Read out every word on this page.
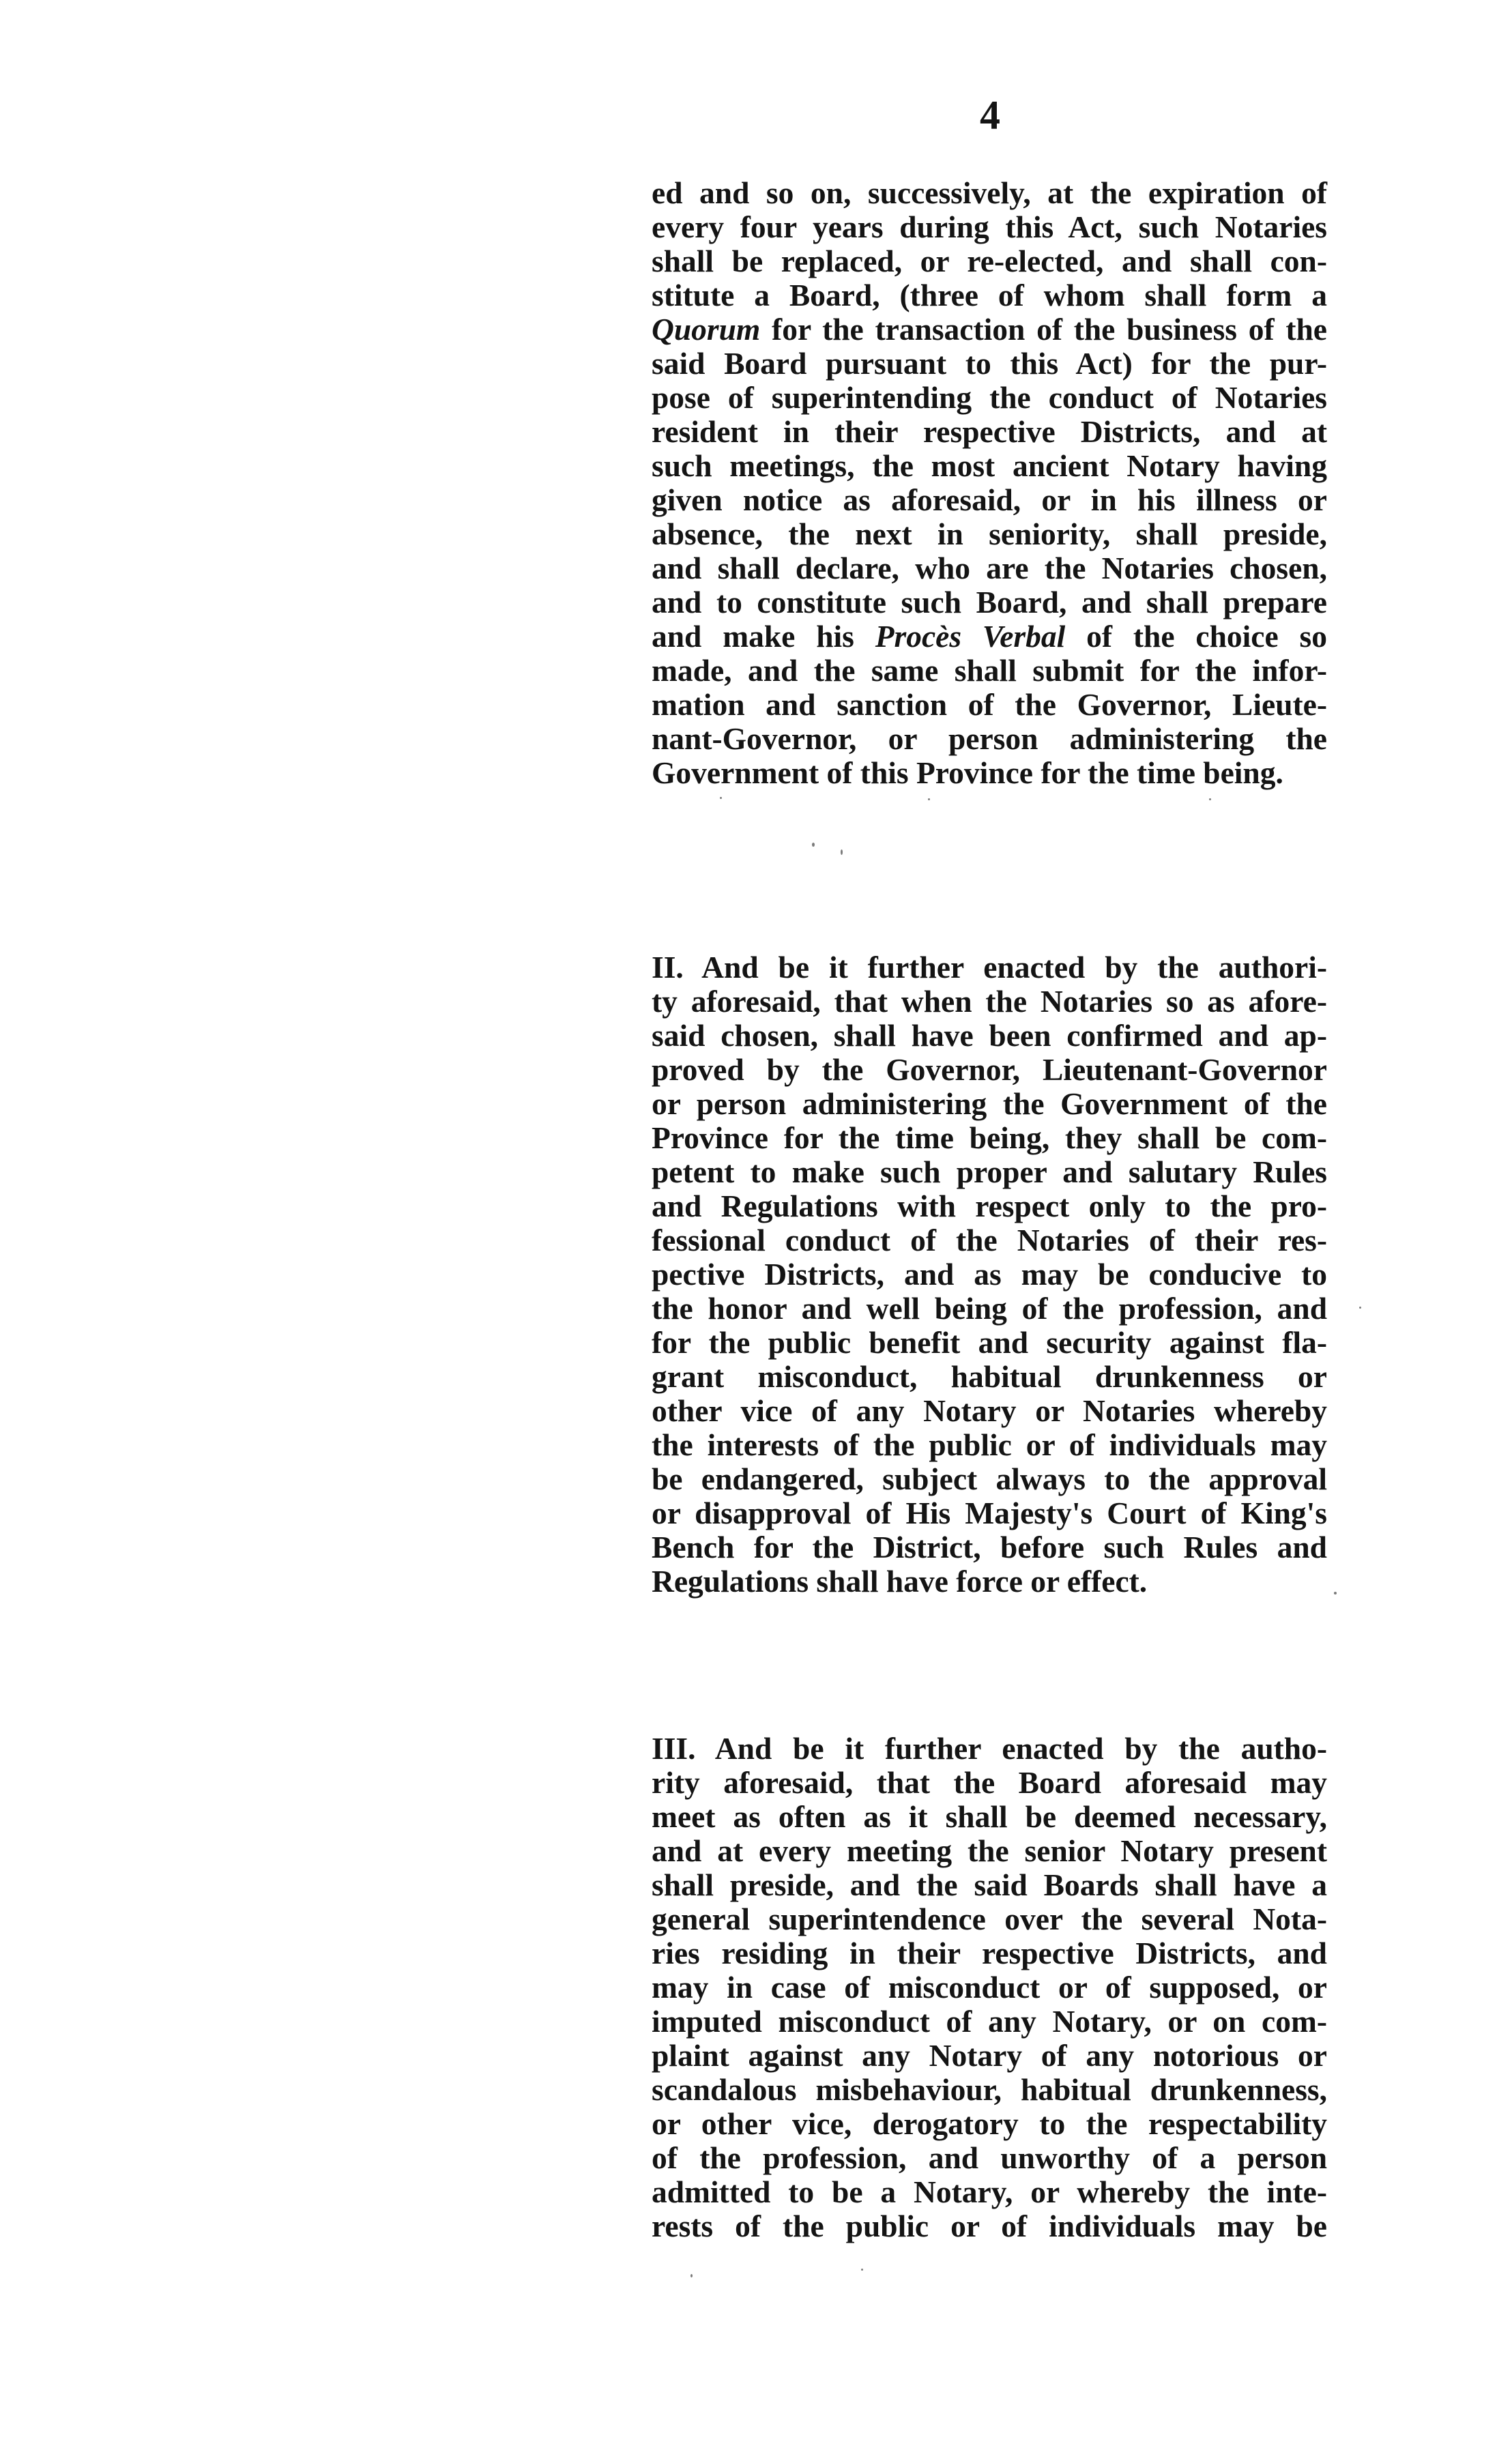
4
ed and so on, successively, at the expiration of
every four years during this Act, such Notaries
shall be replaced, or re-elected, and shall con-
stitute a Board, (three of whom shall form a
Quorum for the transaction of the business of the
said Board pursuant to this Act) for the pur-
pose of superintending the conduct of Notaries
resident in their respective Districts, and at
such meetings, the most ancient Notary having
given notice as aforesaid, or in his illness or
absence, the next in seniority, shall preside,
and shall declare, who are the Notaries chosen,
and to constitute such Board, and shall prepare
and make his Procès Verbal of the choice so
made, and the same shall submit for the infor-
mation and sanction of the Governor, Lieute-
nant-Governor, or person administering the
Government of this Province for the time being.
II. And be it further enacted by the authori-
ty aforesaid, that when the Notaries so as afore-
said chosen, shall have been confirmed and ap-
proved by the Governor, Lieutenant-Governor
or person administering the Government of the
Province for the time being, they shall be com-
petent to make such proper and salutary Rules
and Regulations with respect only to the pro-
fessional conduct of the Notaries of their res-
pective Districts, and as may be conducive to
the honor and well being of the profession, and
for the public benefit and security against fla-
grant misconduct, habitual drunkenness or
other vice of any Notary or Notaries whereby
the interests of the public or of individuals may
be endangered, subject always to the approval
or disapproval of His Majesty's Court of King's
Bench for the District, before such Rules and
Regulations shall have force or effect.
III. And be it further enacted by the autho-
rity aforesaid, that the Board aforesaid may
meet as often as it shall be deemed necessary,
and at every meeting the senior Notary present
shall preside, and the said Boards shall have a
general superintendence over the several Nota-
ries residing in their respective Districts, and
may in case of misconduct or of supposed, or
imputed misconduct of any Notary, or on com-
plaint against any Notary of any notorious or
scandalous misbehaviour, habitual drunkenness,
or other vice, derogatory to the respectability
of the profession, and unworthy of a person
admitted to be a Notary, or whereby the inte-
rests of the public or of individuals may be
